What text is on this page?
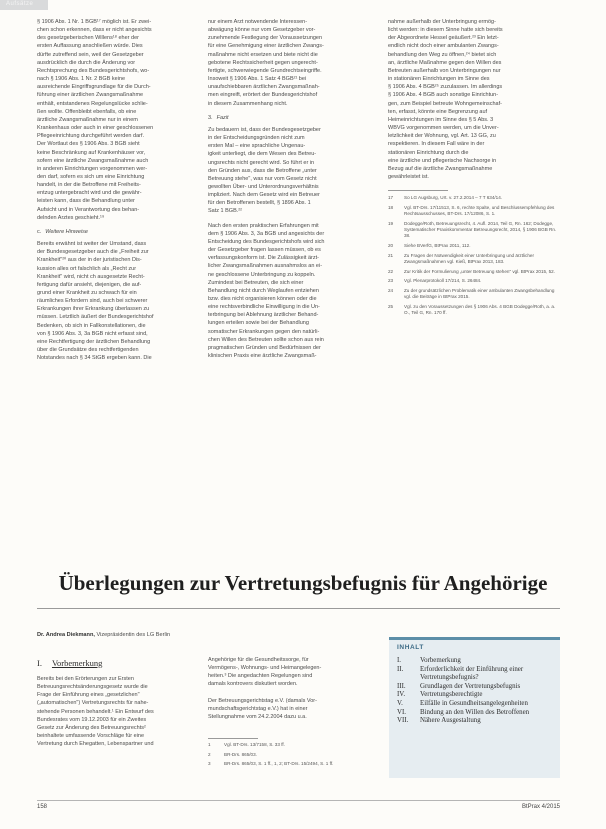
Aufsätze

§ 1906 Abs. 1 Nr. 1 BGB¹⁷ möglich ist. Er zwei-
chen schon erkennen, dass er nicht angesichts
des gesetzgeberischen Willens¹⁸ eher der
ersten Auffassung anschließen würde. Dies
dürfte zutreffend sein, weil der Gesetzgeber
ausdrücklich die durch die Änderung vor
Rechtsprechung des Bundesgerichtshofs, wo-
nach § 1906 Abs. 1 Nr. 2 BGB keine
ausreichende Eingriffsgrundlage für die Durch-
führung einer ärztlichen Zwangsmaßnahme
enthält, entstandenes Regelungslücke schlie-
ßen wollte. Offenbleibt ebenfalls, ob eine
ärztliche Zwangsmaßnahme nur in einem
Krankenhaus oder auch in einer geschlossenen
Pflegeeinrichtung durchgeführt werden darf.
Der Wortlaut des § 1906 Abs. 3 BGB sieht
keine Beschränkung auf Krankenhäuser vor,
sofern eine ärztliche Zwangsmaßnahme auch
in anderen Einrichtungen vorgenommen wer-
den darf, sofern es sich um eine Einrichtung
handelt, in der die Betroffene mit Freiheits-
entzug untergebracht wird und die gewähr-
leisten kann, dass die Behandlung unter
Aufsicht und in Verantwortung des behan-
delnden Arztes geschieht.¹⁹

c. Weitere Hinweise

Bereits erwähnt ist weiter der Umstand, dass
der Bundesgesetzgeber auch die „Freiheit zur
Krankheit"²⁰ aus der in der juristischen Dis-
kussion alles ort falschlich als „Recht zur
Krankheit" wird, nicht ch ausgesetzte Recht-
fertigung dafür ansieht, diejenigen, die auf-
grund einer Krankheit zu schwach für ein
räumliches Erfordern sind, auch bei schwerer
Erkrankungen ihrer Erkrankung überlassen zu
müssen. Letztlich äußert der Bundesgerichtshof
Bedenken, ob sich in Fallkonstellationen, die
von § 1906 Abs. 3, 3a BGB nicht erfasst sind,
eine Rechtfertigung der ärztlichen Behandlung
über die Grundsätze des rechtfertigenden
Notstandes nach § 34 StGB ergeben kann. Die

nur einem Arzt notwendende Interessen-
abwägung könne nur vom Gesetzgeber vor-
zunehmende Festlegung der Voraussetzungen
für eine Genehmigung einer ärztlichen Zwangs-
maßnahme nicht ersetzen und biete nicht die
gebotene Rechtssicherheit gegen ungerecht-
fertigte, schwerwiegende Grundrechtseingriffe.
Insoweit § 1906 Abs. 1 Satz 4 BGB²¹ bei
unaufschiebbaren ärztlichen Zwangsmaßnah-
men eingreift, erörtert der Bundesgerichtshof
in diesem Zusammenhang nicht.

3. Fazit

Zu bedauern ist, dass der Bundesgesetzgeber
in der Entscheidungsgründen nicht zum
ersten Mal – eine sprachliche Ungenau-
igkeit unterliegt, die dem Wesen des Betreu-
ungsrechts nicht gerecht wird. So führt er in
den Gründen aus, dass die Betroffene „unter
Betreuung stehe", was nur vom Gesetz nicht
gewollten Über- und Unterordnungsverhältnis
impliziert. Nach dem Gesetz wird ein Betreuer
für den Betroffenen bestellt, § 1896 Abs. 1
Satz 1 BGB.²²

Nach den ersten praktischen Erfahrungen mit
dem § 1906 Abs. 3, 3a BGB und angesichts der
Entscheidung des Bundesgerichtshofs wird sich
der Gesetzgeber fragen lassen müssen, ob es
verfassungskonform ist. Die Zulässigkeit ärzt-
licher Zwangsmaßnahmen ausnahmslos an ei-
ne geschlossene Unterbringung zu koppeln.
Zumindest bei Betreuten, die sich einer
Behandlung nicht durch Weglaufen entziehen
bzw. dies nicht organisieren können oder die
eine rechtsverbindliche Einwilligung in die Un-
terbringung bei Ablehnung ärztlicher Behand-
lungen erteilen sowie bei der Behandlung
somatischer Erkrankungen gegen den natürli-
chen Willen des Betreuten sollte schon aus rein
pragmatischen Gründen und Bedürfnissen der
klinischen Praxis eine ärztliche Zwangsmaß-

nahme außerhalb der Unterbringung ermög-
licht werden: in diesem Sinne hatte sich bereits
der Abgeordnete Hessel geäußert.²³ Ein letzt-
endlich nicht doch einer ambulanten Zwangs-
behandlung den Weg zu öffnen,²⁴ bietet sich
an, ärztliche Maßnahme gegen den Willen des
Betreuten außerhalb von Unterbringungen nur
in stationären Einrichtungen im Sinne des
§ 1906 Abs. 4 BGB²⁵ zuzulassen. Im allerdings
§ 1906 Abs. 4 BGB auch sonstige Einrichtun-
gen, zum Beispiel betreute Wohngemeinschaf-
ten, erfasst, könnte eine Begrenzung auf
Heimeinrichtungen im Sinne des § 5 Abs. 3
WBVG vorgenommen werden, um die Unver-
letzlichkeit der Wohnung, vgl. Art. 13 GG, zu
respektieren. In diesem Fall wäre in der
stationären Einrichtung durch die
eine ärztliche und pflegerische Nachsorge in
Bezug auf die ärztliche Zwangsmaßnahme
gewährleistet ist.

17	So LG Augsburg, Urt. v. 27.2.2014 – 7 T 634/14.
18	Vgl. BT-Drs. 17/11513, S. 6, rechte Spalte, und Beschlussempfehlung des Rechtsausschusses, BT-Drs. 17/12086, S. 1.
19	Dodegge/Roth, Betreuungsrecht, 4. Aufl. 2014, Teil G, Rn. 162; Dodegge, Systematischer Praxiskommentar Betreuungsrecht, 2014, § 1906 BGB Rn. 38.
20	Siehe BVerfG, BtPrax 2011, 112.
21	Zu Fragen der Notwendigkeit einer Unterbringung und ärztlicher Zwangsmaßnahmen vgl. Kieß, BtPrax 2013, 183.
22	Zur Kritik der Formulierung „unter Betreuung stehen" vgl. BtPrax 2015, 52.
23	Vgl. Plenarprotokoll 17/214, S. 26484.
24	Zu der grundsätzlichen Problematik einer ambulanten Zwangsbehandlung vgl. die Beiträge in BtPrax 2015.
25	Vgl. zu den Voraussetzungen des § 1906 Abs. 4 BGB Dodegge/Roth, a. a. O., Teil G, Rn. 170 ff.
Überlegungen zur Vertretungsbefugnis für Angehörige
Dr. Andrea Diekmann, Vizepräsidentin des LG Berlin
I. Vorbemerkung

Bereits bei den Erörterungen zur Ersten
Betreuungsrechtsänderungsgesetz wurde die
Frage der Einführung eines „gesetzlichen"
(„automatischen") Vertretungsrechts für nahe-
stehende Personen behandelt.¹ Ein Entwurf des
Bundesrates vom 19.12.2003 für ein Zweites
Gesetz zur Änderung des Betreuungsrechts²
beinhaltete umfassende Vorschläge für eine
Vertretung durch Ehegatten, Lebenspartner und

Angehörige für die Gesundheitssorge, für
Vermögens-, Wohnungs- und Heimangelegen-
heiten.³ Die angedachten Regelungen sind
damals kontrovers diskutiert worden.

Der Betreuungsgerichtstag e.V. (damals Vor-
mundschaftsgerichtstag e.V.) hat in einer
Stellungnahme vom 24.2.2004 dazu u.a.

1	Vgl. BT-Drs. 13/7158, S. 33 ff.
2	BR-Drs. 865/03.
3	BR-Drs. 865/03, S. 1 ff., 1, 2; BT-Drs. 15/2494, S. 1 ff.
INHALT
I.	Vorbemerkung
II.	Erforderlichkeit der Einführung einer Vertretungsbefugnis?
III.	Grundlagen der Vertretungsbefugnis
IV.	Vertretungsberechtigte
V.	Eilfälle in Gesundheitsangelegenheiten
VI.	Bindung an den Willen des Betroffenen
VII.	Nähere Ausgestaltung
158	BtPrax 4/2015
